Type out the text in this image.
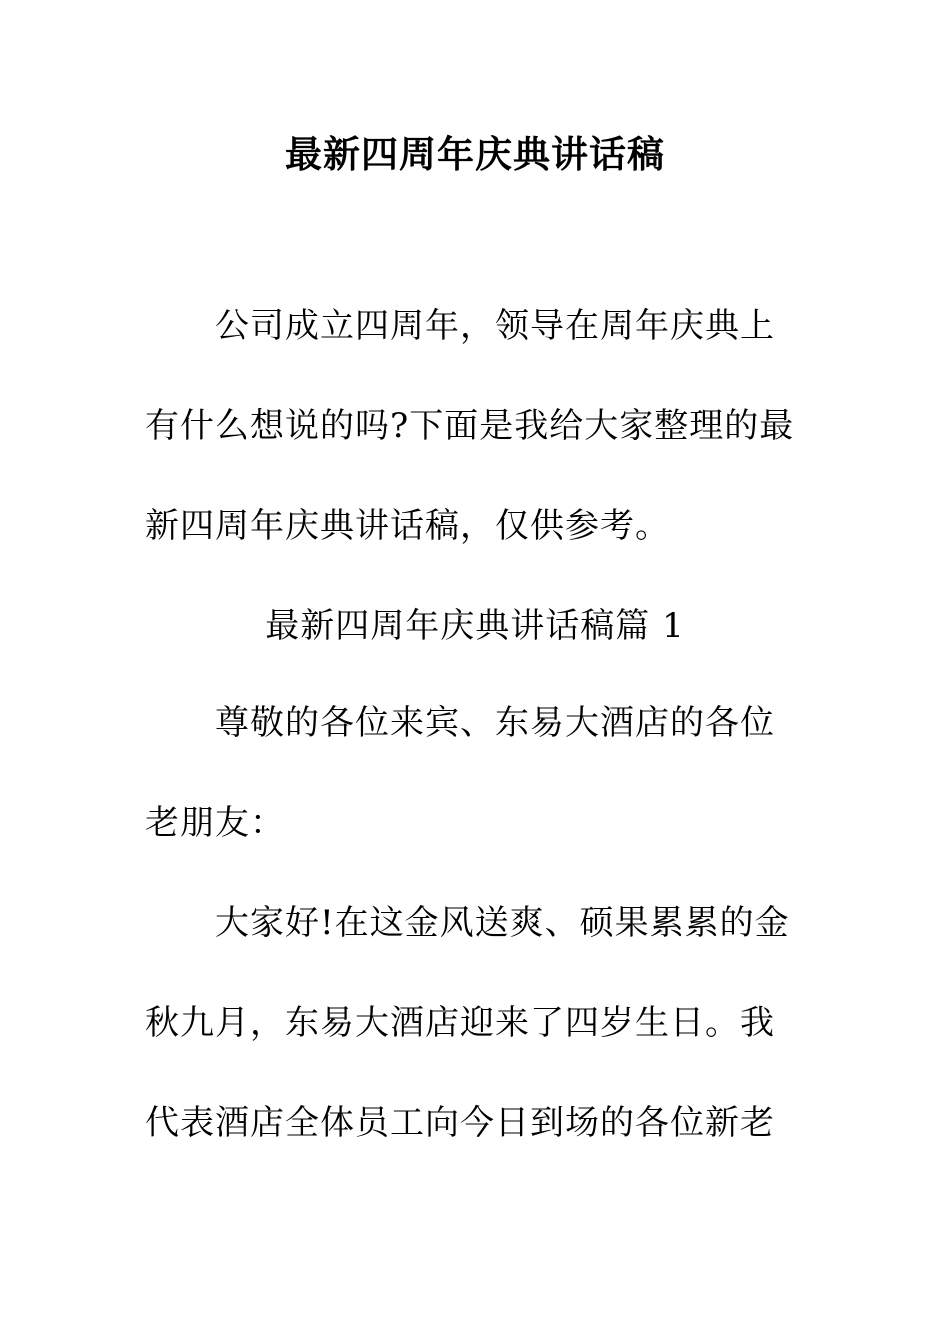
最新四周年庆典讲话稿
公司成立四周年，领导在周年庆典上
有什么想说的吗?下面是我给大家整理的最
新四周年庆典讲话稿，仅供参考。
最新四周年庆典讲话稿篇 1
尊敬的各位来宾、东易大酒店的各位
老朋友：
大家好!在这金风送爽、硕果累累的金
秋九月，东易大酒店迎来了四岁生日。我
代表酒店全体员工向今日到场的各位新老
